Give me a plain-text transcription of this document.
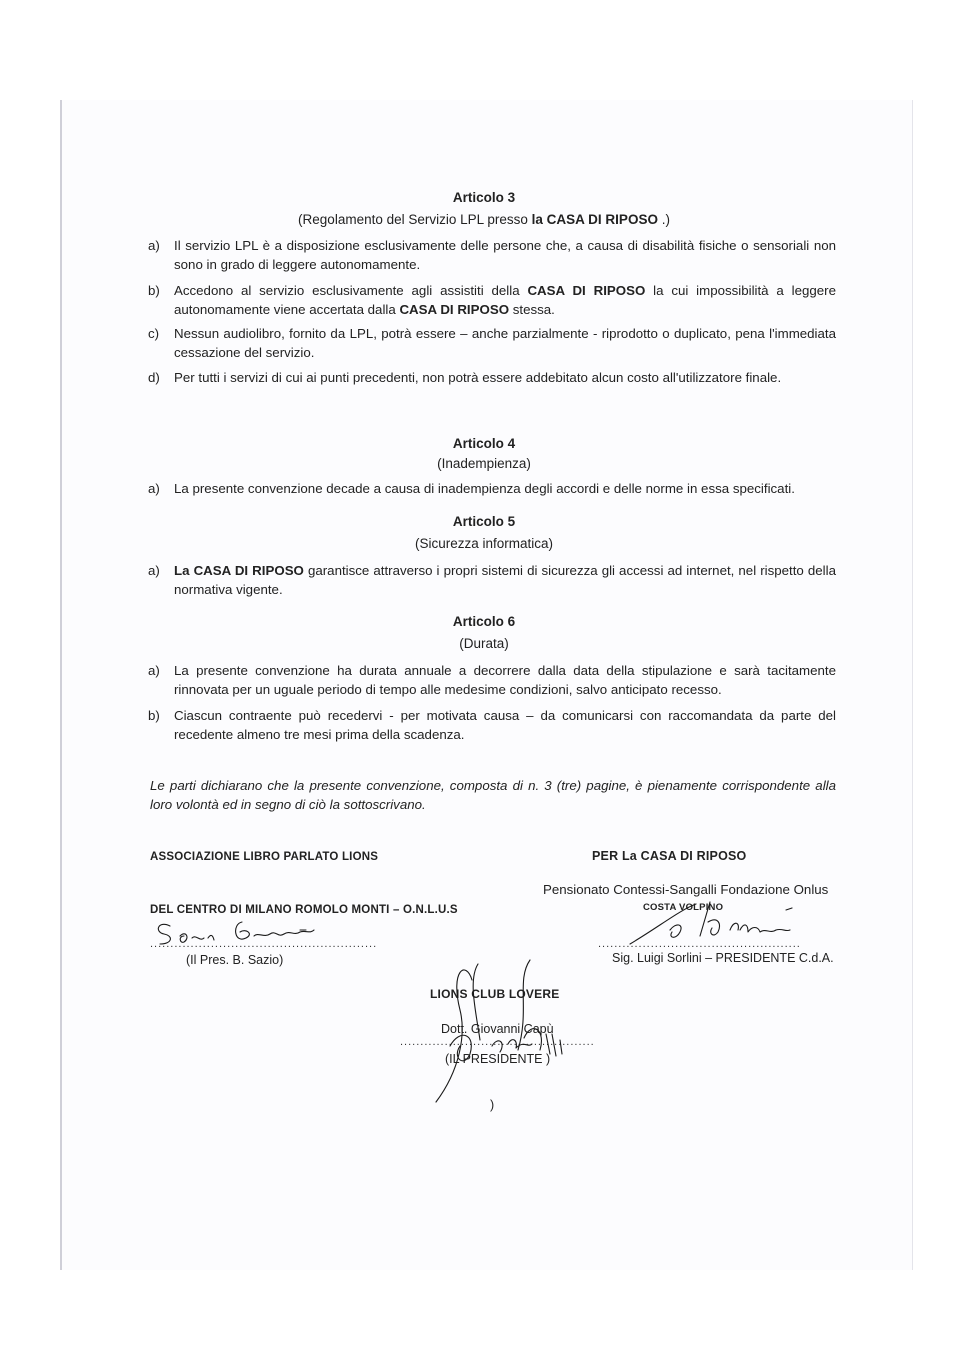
Articolo 3
(Regolamento del Servizio LPL presso la CASA DI RIPOSO .)
a)	Il servizio LPL è a disposizione esclusivamente delle persone che, a causa di disabilità fisiche o sensoriali non sono in grado di leggere autonomamente.
b)	Accedono al servizio esclusivamente agli assistiti della CASA DI RIPOSO la cui impossibilità a leggere autonomamente viene accertata dalla CASA DI RIPOSO stessa.
c)	Nessun audiolibro, fornito da LPL, potrà essere – anche parzialmente - riprodotto o duplicato, pena l'immediata cessazione del servizio.
d)	Per tutti i servizi di cui ai punti precedenti, non potrà essere addebitato alcun costo all'utilizzatore finale.
Articolo 4
(Inadempienza)
a)	La presente convenzione decade a causa di inadempienza degli accordi e delle norme in essa specificati.
Articolo 5
(Sicurezza informatica)
a)	La CASA DI RIPOSO garantisce attraverso i propri sistemi di sicurezza gli accessi ad internet, nel rispetto della normativa vigente.
Articolo 6
(Durata)
a)	La presente convenzione ha durata annuale a decorrere dalla data della stipulazione e sarà tacitamente rinnovata per un uguale periodo di tempo alle medesime condizioni, salvo anticipato recesso.
b)	Ciascun contraente può recedervi - per motivata causa – da comunicarsi con raccomandata da parte del recedente almeno tre mesi prima della scadenza.
Le parti dichiarano che la presente convenzione, composta di n. 3 (tre) pagine, è pienamente corrispondente alla loro volontà ed in segno di ciò la sottoscrivano.
ASSOCIAZIONE LIBRO PARLATO LIONS
DEL CENTRO DI MILANO ROMOLO MONTI – O.N.L.U.S
........................................................
(Il Pres. B. Sazio)
PER La CASA DI RIPOSO
Pensionato Contessi-Sangalli Fondazione Onlus
COSTA VOLPINO
..................................................
Sig. Luigi Sorlini – PRESIDENTE C.d.A.
LIONS CLUB LOVERE
Dott. Giovanni Capù
................................................
(IL PRESIDENTE )
)
